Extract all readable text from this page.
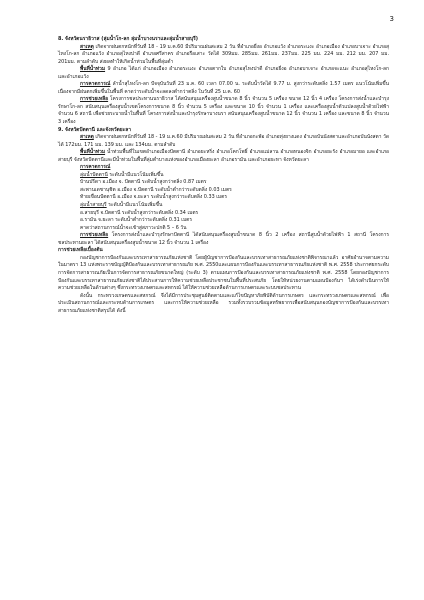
3

8. จังหวัดนราธิวาส (ลุ่มน้ำโก-ลก ลุ่มน้ำบางนราและลุ่มน้ำสายบุรี)

สาเหตุ เกิดจากฝนตกหนักที่วันที่ 18 - 19 ม.ค.60 มีปริมาณฝนสะสม 2 วัน ที่อำเภอยี่งอ อำเภอแว้ง อำเภอระแงะ อำเภอเมือง อำเภอบาเจาะ อำเภอสุไหงโก-ลก อำเภอแว้ง อำเภอสุไหงปาดี อำเภอศรีสาคร อำเภอรือเสาะ วัดได้ 309มม. 285มม. 261มม. 237มม. 225 มม. 224 มม. 212 มม. 207 มม. 201มม. ตามลำดับ ส่งผลทำให้เกิดน้ำท่วมในพื้นที่ลุ่มต่ำ

พื้นที่น้ำท่วม 9 อำเภอ ได้แก่ อำเภอเมือง อำเภอระแงะ อำเภอตากใบ อำเภอสุไหงปาดี อำเภอยี่งอ อำเภอบาเจาะ อำเภอจะแนะ อำเภอสุไหงโก-ลก และอำเภอแว้ง

การคาดการณ์ ลำน้ำสุไหงโก-ลก ปัจจุบันวันที่ 23 ม.ค. 60 เวลา 07.00 น. ระดับน้ำวัดได้ 9.77 ม. สูงกว่าระดับตลิ่ง 1.57 เมตร แนวโน้มเพิ่มขึ้นเนื่องจากมีฝนตกเพิ่มขึ้นในพื้นที่ คาดว่าระดับน้ำจะลดลงต่ำกว่าตลิ่ง ในวันที่ 25 ม.ค. 60

การช่วยเหลือ โครงการชลประทานนราธิวาส ได้สนับสนุนเครื่องสูบน้ำขนาด 8 นิ้ว จำนวน 5 เครื่อง ขนาด 12 นิ้ว 4 เครื่อง โครงการส่งน้ำและบำรุงรักษาโก-ลก สนับสนุนเครื่องสูบน้ำเขตโครงการขนาด 8 นิ้ว จำนวน 5 เครื่อง และขนาด 10 นิ้ว จำนวน 1 เครื่อง และเครื่องสูบน้ำตัวแปลงสูบน้ำด้วยไฟฟ้าจำนวน 6 สถานี เพื่อช่วยระบายน้ำในพื้นที่ โครงการส่งน้ำและบำรุงรักษาบางนรา สนับสนุนเครื่องสูบน้ำขนาด 12 นิ้ว จำนวน 1 เครื่อง และขนาด 8 นิ้ว จำนวน 3 เครื่อง

9. จังหวัดปัตตานี และจังหวัดยะลา

สาเหตุ เกิดจากฝนตกหนักที่วันที่ 18 - 19 ม.ค.60 มีปริมาณฝนสะสม 2 วัน ที่อำเภอกะพ้อ อำเภอทุ่งยางแดง อำเภอบันนังสตาและอำเภอบันนังสตา วัดได้ 172มม. 171 มม. 139 มม. และ 134มม. ตามลำดับ

พื้นที่น้ำท่วม น้ำท่วมพื้นที่ในเขตอำเภอเมืองปัตตานี อำเภอยะหริ่ง อำเภอโคกโพธิ์ อำเภอแม่ลาน อำเภอหนองจิก อำเภอยะรัง อำเภอมายอ และอำเภอสายบุรี จังหวัดปัตตานีและมีน้ำท่วมในพื้นที่ลุ่มต่ำบางแห่งของอำเภอเมืองยะลา อำเภอรามัน และอำเภอยะหา จังหวัดยะลา

การคาดการณ์

ลุ่มน้ำปัตตานี ระดับน้ำมีแนวโน้มเพิ่มขึ้น

บ้านปรีดา อ.เมือง จ. ปัตตานี ระดับน้ำสูงกว่าตลิ่ง 0.87 เมตร

สะพานเดชานุชิต อ.เมือง จ.ปัตตานี ระดับน้ำต่ำกว่าระดับตลิ่ง 0.03 เมตร

ท้ายเขื่อนปัตตานี อ.เมือง จ.ยะลา ระดับน้ำสูงกว่าระดับตลิ่ง 0.33 เมตร

ลุ่มน้ำสายบุรี ระดับน้ำมีแนวโน้มเพิ่มขึ้น

อ.สายบุรี จ.ปัตตานี ระดับน้ำสูงกว่าระดับตลิ่ง 0.34 เมตร

อ.รามัน จ.ยะลา ระดับน้ำต่ำกว่าระดับตลิ่ง 0.31 เมตร

คาดว่าสถานการณ์น้ำจะเข้าสู่สภาวะปกติ 5 – 6 วัน

การช่วยเหลือ โครงการส่งน้ำและบำรุงรักษาปัตตานี ได้สนับสนุนเครื่องสูบน้ำขนาด 8 นิ้ว 2 เครื่อง สถานีสูบน้ำด้วยไฟฟ้า 1 สถานี โครงการชลประทานยะลา ได้สนับสนุนเครื่องสูบน้ำขนาด 12 นิ้ว จำนวน 1 เครื่อง

การช่วยเหลือเบื้องต้น

กองบัญชาการป้องกันและบรรเทาสาธารณภัยแห่งชาติ โดยผู้บัญชาการป้องกันและบรรเทาสาธารณภัยแห่งชาติพิจารณาแล้ว อาศัยอำนาจตามความในมาตรา 13 แห่งพระราชบัญญัติป้องกันและบรรเทาสาธารณภัย พ.ศ. 2550และแผนการป้องกันและบรรเทาสาธารณภัยแห่งชาติ พ.ศ. 2558 ประกาศยกระดับการจัดการสาธารณภัยเป็นการจัดการสาธารณภัยขนาดใหญ่ (ระดับ 3) ตามแผนการป้องกันและบรรเทาสาธารณภัยแห่งชาติ พ.ศ. 2558 โดยกองบัญชาการป้องกันและบรรเทาสาธารณภัยแห่งชาติได้ประสานการให้ความช่วยเหลือประชาชนในพื้นที่ประสบภัย โดยให้หน่วยงานตามแผนป้องกันฯ ได้เร่งดำเนินการให้ความช่วยเหลือในด้านต่างๆ ซึ่งกระทรวงเกษตรและสหกรณ์ ได้ให้ความช่วยเหลือด้านการเกษตรและระบบชลประทาน

ดังนั้น กระทรวงเกษตรและสหกรณ์ จึงได้มีการประชุมศูนย์ติดตามและแก้ไขปัญหาภัยพิบัติด้านการเกษตร และกระทรวงเกษตรและสหกรณ์ เพื่อประเมินสถานการณ์และกระทบด้านการเกษตร และการให้ความช่วยเหลือ รวมทั้งรวบรวมข้อมูลทรัพยากรเพื่อสนับสนุนกองบัญชาการป้องกันและบรรเทาสาธารณภัยแห่งชาติสรุปได้ ดังนี้
